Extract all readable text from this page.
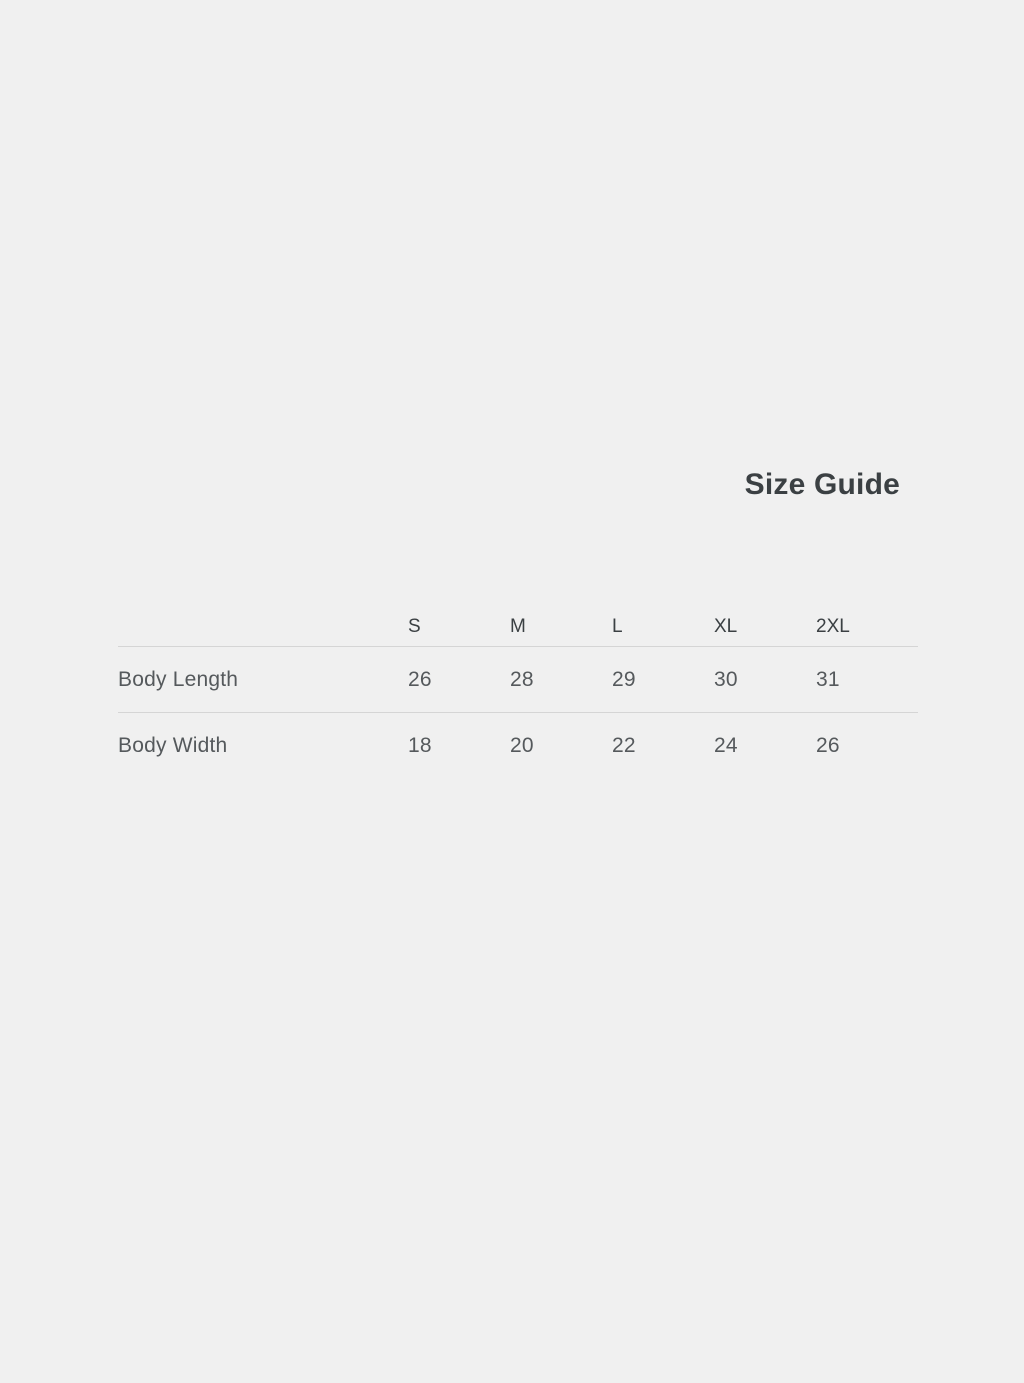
Size Guide
	S	M	L	XL	2XL
Body Length	26	28	29	30	31
Body Width	18	20	22	24	26
